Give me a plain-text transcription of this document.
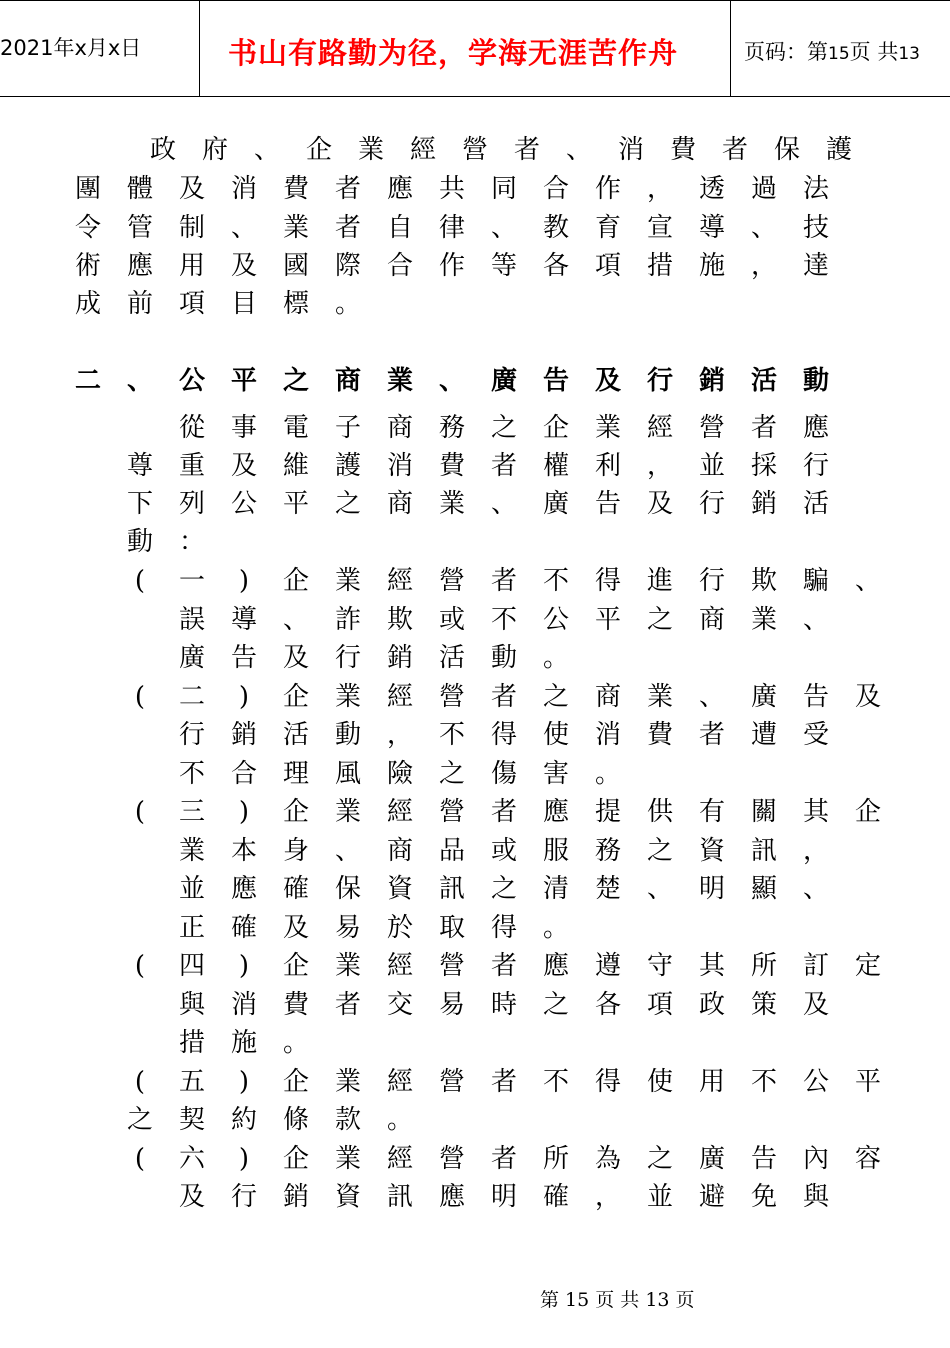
2021年x月x日	书山有路勤为径，学海无涯苦作舟	页码：第15页 共13
政 府 、 企 業 經 營 者 、 消 費 者 保 護
團 體 及 消 費 者 應 共 同 合 作 ， 透 過 法
令 管 制 、 業 者 自 律 、 教 育 宣 導 、 技
術 應 用 及 國 際 合 作 等 各 項 措 施 ， 達
成 前 項 目 標 。
二 、 公 平 之 商 業 、 廣 告 及 行 銷 活 動
從 事 電 子 商 務 之 企 業 經 營 者 應
尊 重 及 維 護 消 費 者 權 利 ， 並 採 行
下 列 公 平 之 商 業 、 廣 告 及 行 銷 活
動 ：
(	一	)	企 業 經 營 者 不 得 進 行 欺 騙 、
誤 導 、 詐 欺 或 不 公 平 之 商 業 、
廣 告 及 行 銷 活 動 。
(	二	)	企 業 經 營 者 之 商 業 、 廣 告 及
行 銷 活 動 ， 不 得 使 消 費 者 遭 受
不 合 理 風 險 之 傷 害 。
(	三	)	企 業 經 營 者 應 提 供 有 關 其 企
業 本 身 、 商 品 或 服 務 之 資 訊 ，
並 應 確 保 資 訊 之 清 楚 、 明 顯 、
正 確 及 易 於 取 得 。
(	四	)	企 業 經 營 者 應 遵 守 其 所 訂 定
與 消 費 者 交 易 時 之 各 項 政 策 及
措 施 。
(	五	)	企 業 經 營 者 不 得 使 用 不 公 平
之 契 約 條 款 。
(	六	)	企 業 經 營 者 所 為 之 廣 告 內 容
及 行 銷 資 訊 應 明 確 ， 並 避 免 與
第 15 页 共 13 页
